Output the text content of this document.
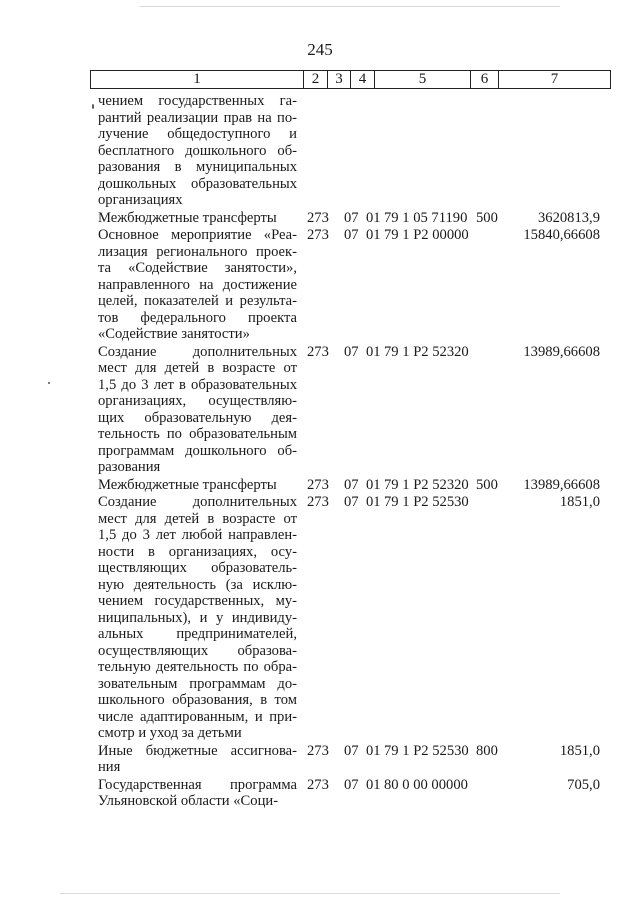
245
1	2	3	4	5	6	7
чением государственных га-
рантий реализации прав на по-
лучение общедоступного и
бесплатного дошкольного об-
разования в муниципальных
дошкольных образовательных
организациях
Межбюджетные трансферты	273 07 01 79 1 05 71190 500	3620813,9
Основное мероприятие «Реа-
лизация регионального проек-
та «Содействие занятости»,
направленного на достижение
целей, показателей и результа-
тов федерального проекта
«Содействие занятости»
273 07 01 79 1 P2 00000	15840,66608
Создание дополнительных
мест для детей в возрасте от
1,5 до 3 лет в образовательных
организациях, осуществляю-
щих образовательную дея-
тельность по образовательным
программам дошкольного об-
разования
273 07 01 79 1 P2 52320	13989,66608
Межбюджетные трансферты	273 07 01 79 1 P2 52320 500 13989,66608
Создание дополнительных
мест для детей в возрасте от
1,5 до 3 лет любой направлен-
ности в организациях, осу-
ществляющих образователь-
ную деятельность (за исклю-
чением государственных, му-
ниципальных), и у индивиду-
альных предпринимателей,
осуществляющих образова-
тельную деятельность по обра-
зовательным программам до-
школьного образования, в том
числе адаптированным, и при-
смотр и уход за детьми
273 07 01 79 1 P2 52530	1851,0
Иные бюджетные ассигнова-
ния
273 07 01 79 1 P2 52530 800	1851,0
Государственная программа
Ульяновской области «Соци-
273 07 01 80 0 00 00000	705,0
